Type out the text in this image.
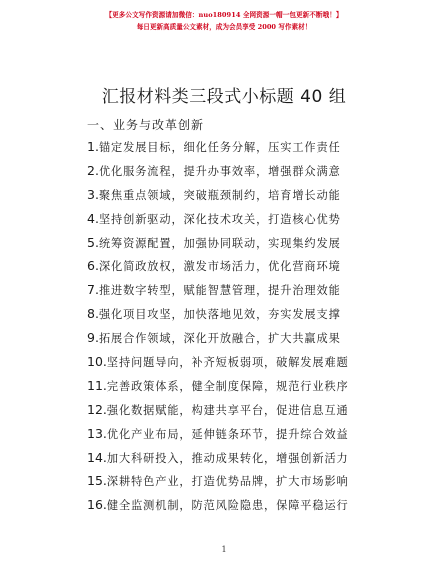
【更多公文写作资源请加微信：nuo180914 全网资源一帽一包更新不断哦！】
每日更新高质量公文素材，成为会员享受 2000 写作素材！
汇报材料类三段式小标题 40 组
一、业务与改革创新
1.锚定发展目标，细化任务分解，压实工作责任
2.优化服务流程，提升办事效率，增强群众满意
3.聚焦重点领域，突破瓶颈制约，培育增长动能
4.坚持创新驱动，深化技术攻关，打造核心优势
5.统筹资源配置，加强协同联动，实现集约发展
6.深化简政放权，激发市场活力，优化营商环境
7.推进数字转型，赋能智慧管理，提升治理效能
8.强化项目攻坚，加快落地见效，夯实发展支撑
9.拓展合作领域，深化开放融合，扩大共赢成果
10.坚持问题导向，补齐短板弱项，破解发展难题
11.完善政策体系，健全制度保障，规范行业秩序
12.强化数据赋能，构建共享平台，促进信息互通
13.优化产业布局，延伸链条环节，提升综合效益
14.加大科研投入，推动成果转化，增强创新活力
15.深耕特色产业，打造优势品牌，扩大市场影响
16.健全监测机制，防范风险隐患，保障平稳运行
1
